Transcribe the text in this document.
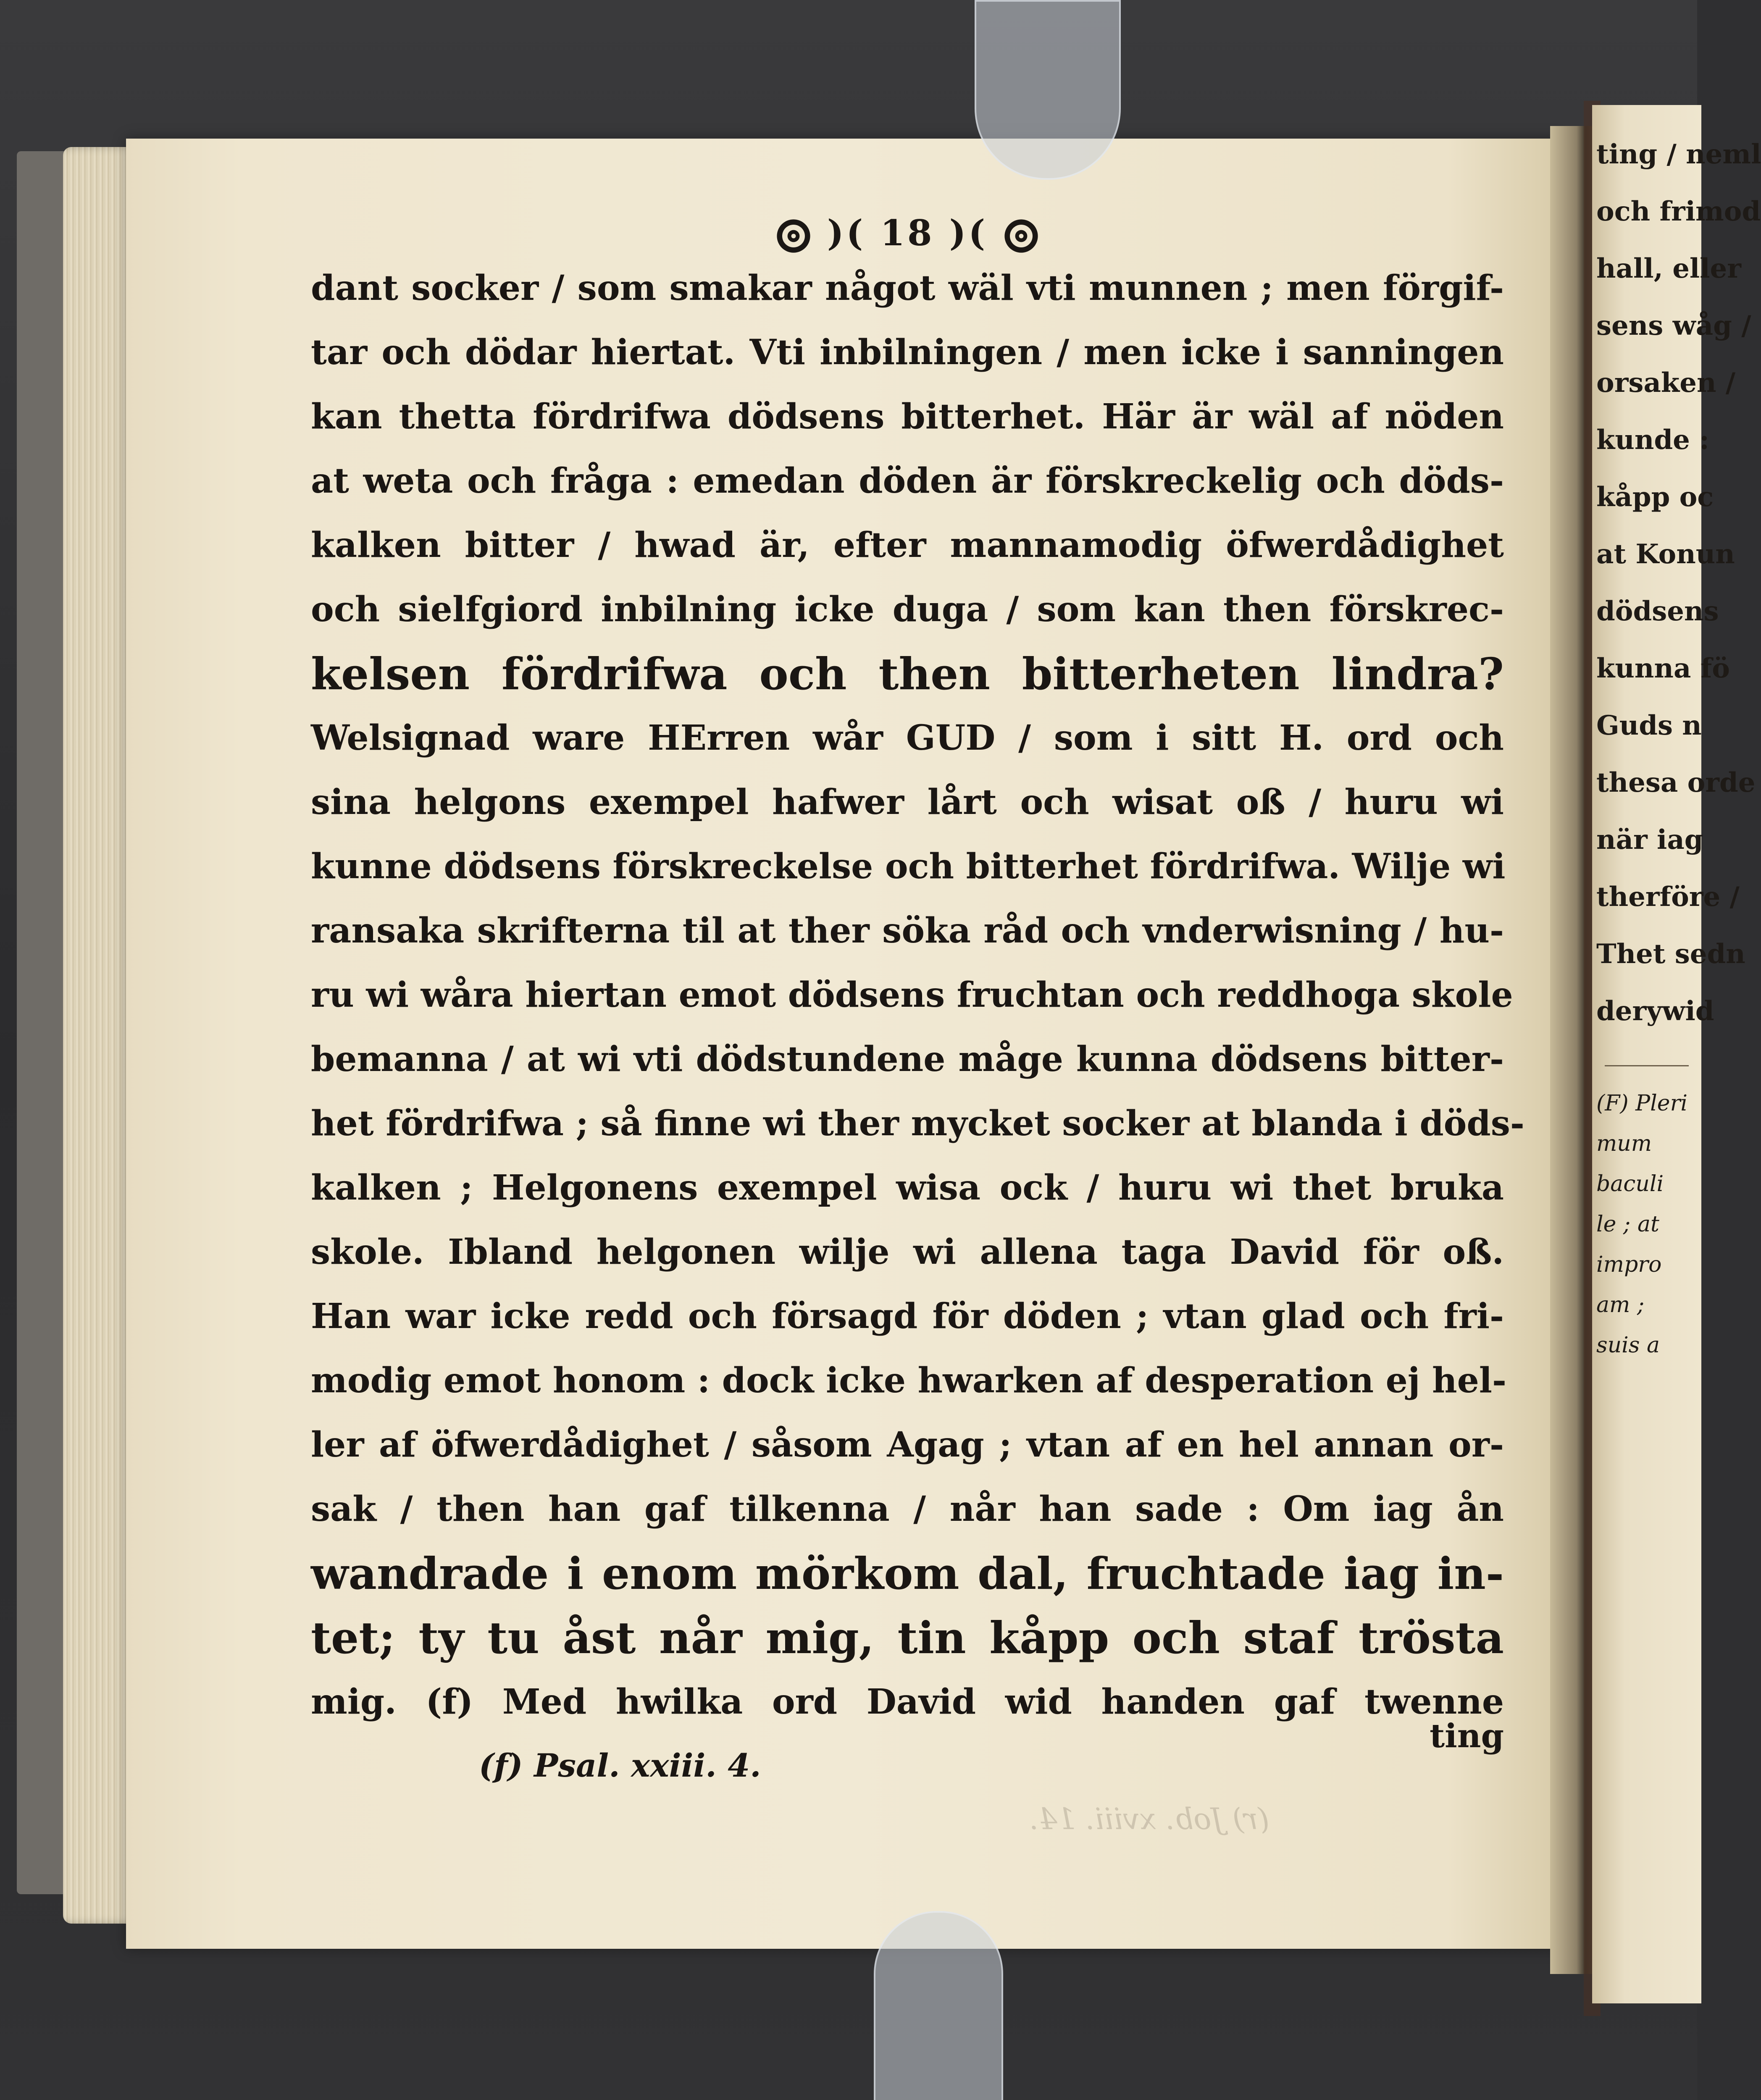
(r) Job. xviii. 14.
)( 18 )(
dant socker / som smakar något wäl vti munnen ; men förgif-
tar och dödar hiertat. Vti inbilningen / men icke i sanningen
kan thetta fördrifwa dödsens bitterhet. Här är wäl af nöden
at weta och fråga : emedan döden är förskreckelig och döds-
kalken bitter / hwad är, efter mannamodig öfwerdådighet
och sielfgiord inbilning icke duga / som kan then förskrec-
kelsen fördrifwa och then bitterheten lindra?
Welsignad ware HErren wår GUD / som i sitt H. ord och
sina helgons exempel hafwer lårt och wisat oß / huru wi
kunne dödsens förskreckelse och bitterhet fördrifwa. Wilje wi
ransaka skrifterna til at ther söka råd och vnderwisning / hu-
ru wi wåra hiertan emot dödsens fruchtan och reddhoga skole
bemanna / at wi vti dödstundene måge kunna dödsens bitter-
het fördrifwa ; så finne wi ther mycket socker at blanda i döds-
kalken ; Helgonens exempel wisa ock / huru wi thet bruka
skole. Ibland helgonen wilje wi allena taga David för oß.
Han war icke redd och försagd för döden ; vtan glad och fri-
modig emot honom : dock icke hwarken af desperation ej hel-
ler af öfwerdådighet / såsom Agag ; vtan af en hel annan or-
sak / then han gaf tilkenna / når han sade : Om iag ån
wandrade i enom mörkom dal, fruchtade iag in-
tet; ty tu åst når mig, tin kåpp och staf trösta
mig. (f) Med hwilka ord David wid handen gaf twenne
ting
(f) Psal. xxiii. 4.
ting / neml
och frimod
hall, eller
sens wåg /
orsaken /
kunde :
kåpp oc
at Konun
dödsens
kunna fö
Guds n
thesa orde
när iag
therföre /
Thet sedn
derywid
(F) Pleri
mum
baculi
le ; at
impro
am ;
suis a
